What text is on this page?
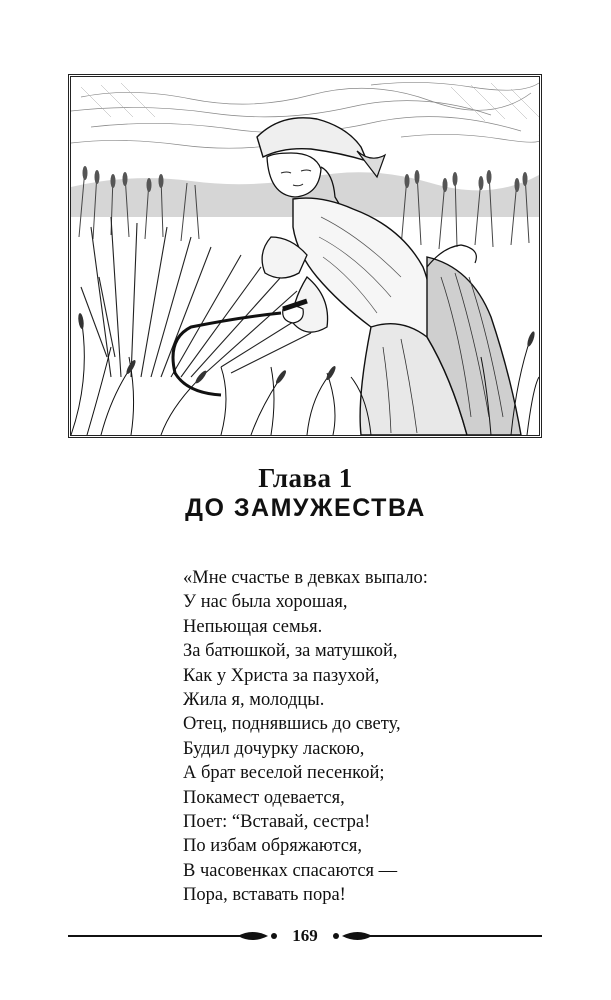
Глава 1
ДО ЗАМУЖЕСТВА
«Мне счастье в девках выпало:
У нас была хорошая,
Непьющая семья.
За батюшкой, за матушкой,
Как у Христа за пазухой,
Жила я, молодцы.
Отец, поднявшись до свету,
Будил дочурку ласкою,
А брат веселой песенкой;
Покамест одевается,
Поет: “Вставай, сестра!
По избам обряжаются,
В часовенках спасаются —
Пора, вставать пора!
169
